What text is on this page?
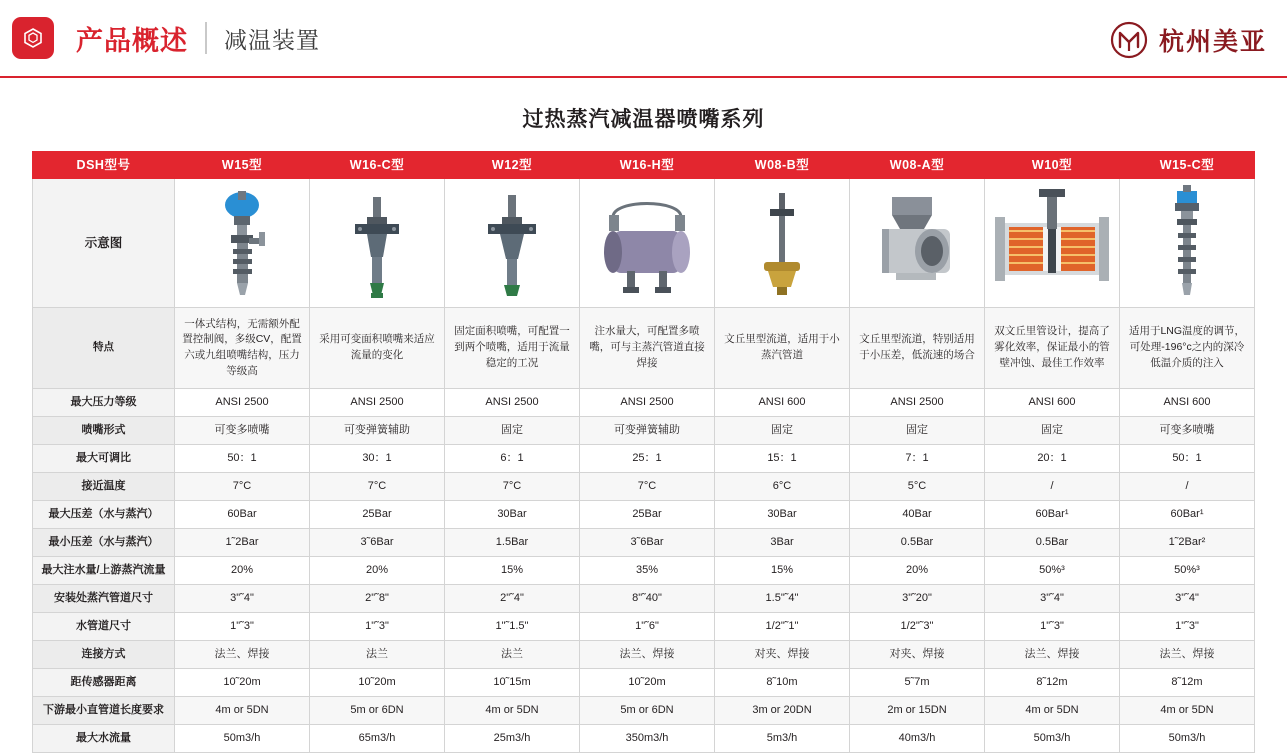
产品概述 减温装置	杭州美亚
过热蒸汽减温器喷嘴系列
DSH型号	W15型	W16-C型	W12型	W16-H型	W08-B型	W08-A型	W10型	W15-C型
示意图	

特点	一体式结构，无需额外配置控制阀，多级CV，配置六或九组喷嘴结构，压力等级高	采用可变面积喷嘴来适应流量的变化	固定面积喷嘴，可配置一到两个喷嘴，适用于流量稳定的工况	注水量大，可配置多喷嘴，可与主蒸汽管道直接焊接	文丘里型流道，适用于小蒸汽管道	文丘里型流道，特别适用于小压差，低流速的场合	双文丘里管设计，提高了雾化效率，保证最小的管壁冲蚀、最佳工作效率	适用于LNG温度的调节，可处理-196°c之内的深冷低温介质的注入
最大压力等级	ANSI 2500	ANSI 2500	ANSI 2500	ANSI 2500	ANSI 600	ANSI 2500	ANSI 600	ANSI 600
喷嘴形式	可变多喷嘴	可变弹簧辅助	固定	可变弹簧辅助	固定	固定	固定	可变多喷嘴
最大可调比	50：1	30：1	6：1	25：1	15：1	7：1	20：1	50：1
接近温度	7°C	7°C	7°C	7°C	6°C	5°C	/	/
最大压差（水与蒸汽）	60Bar	25Bar	30Bar	25Bar	30Bar	40Bar	60Bar¹	60Bar¹
最小压差（水与蒸汽）	1˜2Bar	3˜6Bar	1.5Bar	3˜6Bar	3Bar	0.5Bar	0.5Bar	1˜2Bar²
最大注水量/上游蒸汽流量	20%	20%	15%	35%	15%	20%	50%³	50%³
安装处蒸汽管道尺寸	3"˜4"	2"˜8"	2"˜4"	8"˜40"	1.5"˜4"	3"˜20"	3"˜4"	3"˜4"
水管道尺寸	1"˜3"	1"˜3"	1"˜1.5"	1"˜6"	1/2"˜1"	1/2"˜3"	1"˜3"	1"˜3"
连接方式	法兰、焊接	法兰	法兰	法兰、焊接	对夹、焊接	对夹、焊接	法兰、焊接	法兰、焊接
距传感器距离	10˜20m	10˜20m	10˜15m	10˜20m	8˜10m	5˜7m	8˜12m	8˜12m
下游最小直管道长度要求	4m or 5DN	5m or 6DN	4m or 5DN	5m or 6DN	3m or 20DN	2m or 15DN	4m or 5DN	4m or 5DN
最大水流量	50m3/h	65m3/h	25m3/h	350m3/h	5m3/h	40m3/h	50m3/h	50m3/h
